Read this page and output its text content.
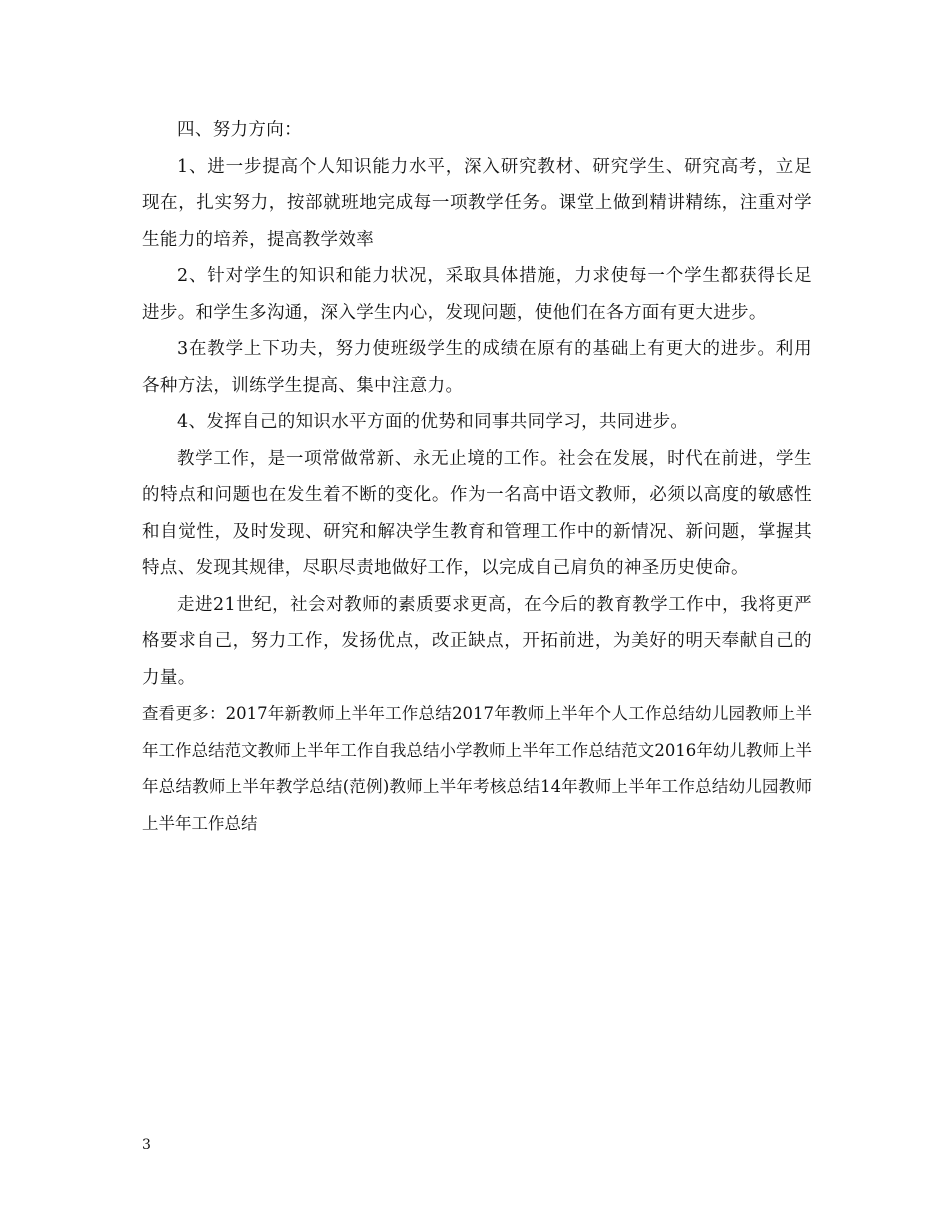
四、努力方向：

1、进一步提高个人知识能力水平，深入研究教材、研究学生、研究高考，立足现在，扎实努力，按部就班地完成每一项教学任务。课堂上做到精讲精练，注重对学生能力的培养，提高教学效率

2、针对学生的知识和能力状况，采取具体措施，力求使每一个学生都获得长足进步。和学生多沟通，深入学生内心，发现问题，使他们在各方面有更大进步。

3在教学上下功夫，努力使班级学生的成绩在原有的基础上有更大的进步。利用各种方法，训练学生提高、集中注意力。

4、发挥自己的知识水平方面的优势和同事共同学习，共同进步。

教学工作，是一项常做常新、永无止境的工作。社会在发展，时代在前进，学生的特点和问题也在发生着不断的变化。作为一名高中语文教师，必须以高度的敏感性和自觉性，及时发现、研究和解决学生教育和管理工作中的新情况、新问题，掌握其特点、发现其规律，尽职尽责地做好工作，以完成自己肩负的神圣历史使命。

走进21世纪，社会对教师的素质要求更高，在今后的教育教学工作中，我将更严格要求自己，努力工作，发扬优点，改正缺点，开拓前进，为美好的明天奉献自己的力量。

查看更多：2017年新教师上半年工作总结2017年教师上半年个人工作总结幼儿园教师上半年工作总结范文教师上半年工作自我总结小学教师上半年工作总结范文2016年幼儿教师上半年总结教师上半年教学总结(范例)教师上半年考核总结14年教师上半年工作总结幼儿园教师上半年工作总结

3
